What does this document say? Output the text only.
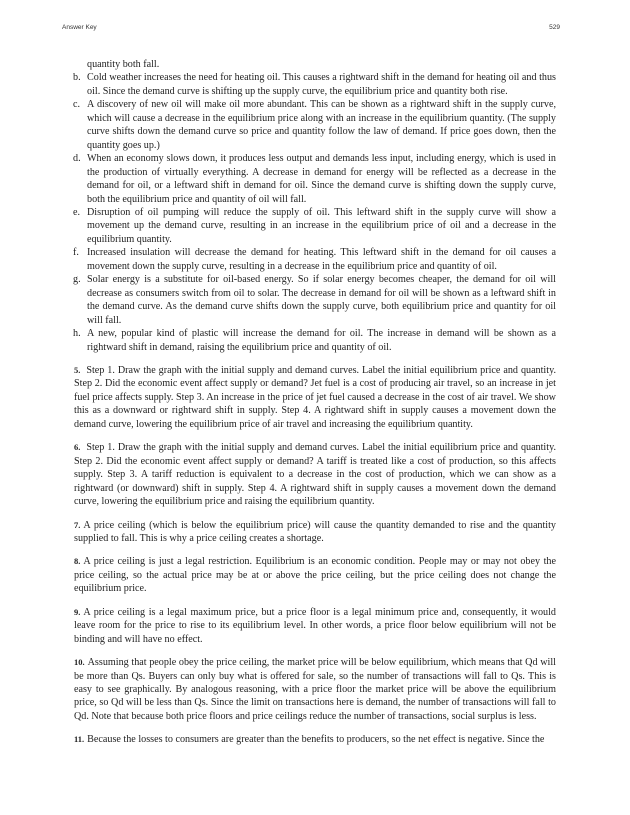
Answer Key	529

quantity both fall.

b. Cold weather increases the need for heating oil. This causes a rightward shift in the demand for heating oil and thus oil. Since the demand curve is shifting up the supply curve, the equilibrium price and quantity both rise.
c. A discovery of new oil will make oil more abundant. This can be shown as a rightward shift in the supply curve, which will cause a decrease in the equilibrium price along with an increase in the equilibrium quantity. (The supply curve shifts down the demand curve so price and quantity follow the law of demand. If price goes down, then the quantity goes up.)
d. When an economy slows down, it produces less output and demands less input, including energy, which is used in the production of virtually everything. A decrease in demand for energy will be reflected as a decrease in the demand for oil, or a leftward shift in demand for oil. Since the demand curve is shifting down the supply curve, both the equilibrium price and quantity of oil will fall.
e. Disruption of oil pumping will reduce the supply of oil. This leftward shift in the supply curve will show a movement up the demand curve, resulting in an increase in the equilibrium price of oil and a decrease in the equilibrium quantity.
f. Increased insulation will decrease the demand for heating. This leftward shift in the demand for oil causes a movement down the supply curve, resulting in a decrease in the equilibrium price and quantity of oil.
g. Solar energy is a substitute for oil-based energy. So if solar energy becomes cheaper, the demand for oil will decrease as consumers switch from oil to solar. The decrease in demand for oil will be shown as a leftward shift in the demand curve. As the demand curve shifts down the supply curve, both equilibrium price and quantity for oil will fall.
h. A new, popular kind of plastic will increase the demand for oil. The increase in demand will be shown as a rightward shift in demand, raising the equilibrium price and quantity of oil.

5. Step 1. Draw the graph with the initial supply and demand curves. Label the initial equilibrium price and quantity. Step 2. Did the economic event affect supply or demand? Jet fuel is a cost of producing air travel, so an increase in jet fuel price affects supply. Step 3. An increase in the price of jet fuel caused a decrease in the cost of air travel. We show this as a downward or rightward shift in supply. Step 4. A rightward shift in supply causes a movement down the demand curve, lowering the equilibrium price of air travel and increasing the equilibrium quantity.

6. Step 1. Draw the graph with the initial supply and demand curves. Label the initial equilibrium price and quantity. Step 2. Did the economic event affect supply or demand? A tariff is treated like a cost of production, so this affects supply. Step 3. A tariff reduction is equivalent to a decrease in the cost of production, which we can show as a rightward (or downward) shift in supply. Step 4. A rightward shift in supply causes a movement down the demand curve, lowering the equilibrium price and raising the equilibrium quantity.

7. A price ceiling (which is below the equilibrium price) will cause the quantity demanded to rise and the quantity supplied to fall. This is why a price ceiling creates a shortage.

8. A price ceiling is just a legal restriction. Equilibrium is an economic condition. People may or may not obey the price ceiling, so the actual price may be at or above the price ceiling, but the price ceiling does not change the equilibrium price.

9. A price ceiling is a legal maximum price, but a price floor is a legal minimum price and, consequently, it would leave room for the price to rise to its equilibrium level. In other words, a price floor below equilibrium will not be binding and will have no effect.

10. Assuming that people obey the price ceiling, the market price will be below equilibrium, which means that Qd will be more than Qs. Buyers can only buy what is offered for sale, so the number of transactions will fall to Qs. This is easy to see graphically. By analogous reasoning, with a price floor the market price will be above the equilibrium price, so Qd will be less than Qs. Since the limit on transactions here is demand, the number of transactions will fall to Qd. Note that because both price floors and price ceilings reduce the number of transactions, social surplus is less.

11. Because the losses to consumers are greater than the benefits to producers, so the net effect is negative. Since the
